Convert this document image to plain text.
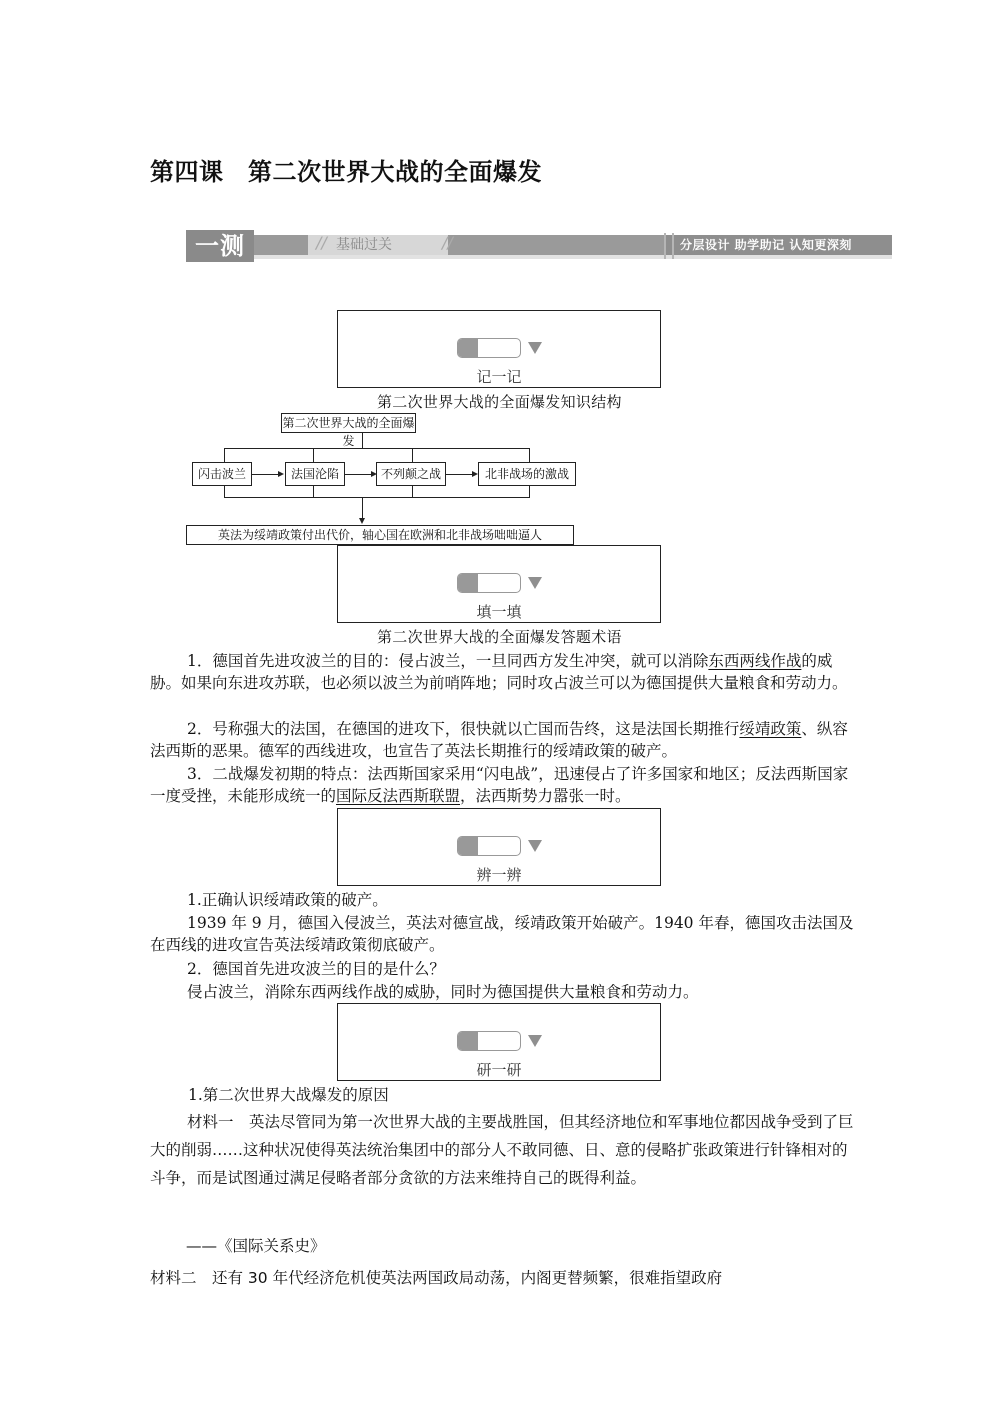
第四课　第二次世界大战的全面爆发
一测	基础过关
//	//	分层设计 助学助记 认知更深刻
记一记
第二次世界大战的全面爆发知识结构
第二次世界大战的全面爆发
闪击波兰	法国沦陷	不列颠之战	北非战场的激战
英法为绥靖政策付出代价，轴心国在欧洲和北非战场咄咄逼人
填一填
第二次世界大战的全面爆发答题术语
1．德国首先进攻波兰的目的：侵占波兰，一旦同西方发生冲突，就可以消除东西两线作战的威胁。如果向东进攻苏联，也必须以波兰为前哨阵地；同时攻占波兰可以为德国提供大量粮食和劳动力。
2．号称强大的法国，在德国的进攻下，很快就以亡国而告终，这是法国长期推行绥靖政策、纵容法西斯的恶果。德军的西线进攻，也宣告了英法长期推行的绥靖政策的破产。
3．二战爆发初期的特点：法西斯国家采用“闪电战”，迅速侵占了许多国家和地区；反法西斯国家一度受挫，未能形成统一的国际反法西斯联盟，法西斯势力嚣张一时。
辨一辨
1.正确认识绥靖政策的破产。
1939 年 9 月，德国入侵波兰，英法对德宣战，绥靖政策开始破产。1940 年春，德国攻击法国及在西线的进攻宣告英法绥靖政策彻底破产。
2．德国首先进攻波兰的目的是什么？
侵占波兰，消除东西两线作战的威胁，同时为德国提供大量粮食和劳动力。
研一研
1.第二次世界大战爆发的原因
材料一　英法尽管同为第一次世界大战的主要战胜国，但其经济地位和军事地位都因战争受到了巨大的削弱……这种状况使得英法统治集团中的部分人不敢同德、日、意的侵略扩张政策进行针锋相对的斗争，而是试图通过满足侵略者部分贪欲的方法来维持自己的既得利益。
——《国际关系史》
材料二　还有 30 年代经济危机使英法两国政局动荡，内阁更替频繁，很难指望政府
